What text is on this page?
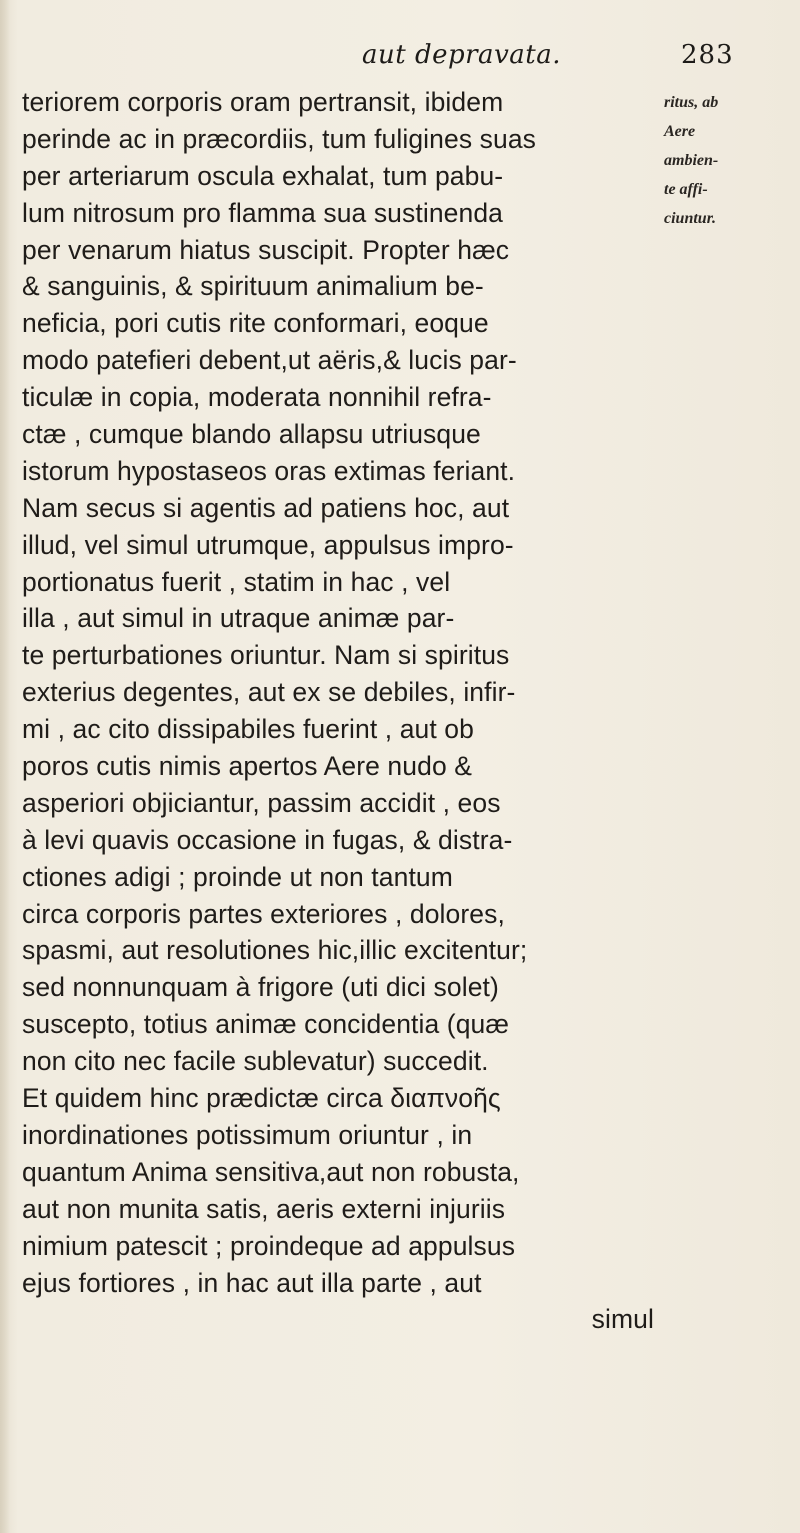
aut depravata.	283
teriorem corporis oram pertransit, ibidem
perinde ac in præcordiis, tum fuligines suas
per arteriarum oscula exhalat, tum pabu-
lum nitrosum pro flamma sua sustinenda
per venarum hiatus suscipit. Propter hæc
& sanguinis, & spirituum animalium be-
neficia, pori cutis rite conformari, eoque
modo patefieri debent,ut aëris,& lucis par-
ticulæ in copia, moderata nonnihil refra-
ctæ , cumque blando allapsu utriusque
istorum hypostaseos oras extimas feriant.
Nam secus si agentis ad patiens hoc, aut
illud, vel simul utrumque, appulsus impro-
portionatus fuerit , statim in hac , vel
illa , aut simul in utraque animæ par-
te perturbationes oriuntur. Nam si spiritus
exterius degentes, aut ex se debiles, infir-
mi , ac cito dissipabiles fuerint , aut ob
poros cutis nimis apertos Aere nudo &
asperiori objiciantur, passim accidit , eos
à levi quavis occasione in fugas, & distra-
ctiones adigi ; proinde ut non tantum
circa corporis partes exteriores , dolores,
spasmi, aut resolutiones hic,illic excitentur;
sed nonnunquam à frigore (uti dici solet)
suscepto, totius animæ concidentia (quæ
non cito nec facile sublevatur) succedit.
Et quidem hinc prædictæ circa διαπνοῆς
inordinationes potissimum oriuntur , in
quantum Anima sensitiva,aut non robusta,
aut non munita satis, aeris externi injuriis
nimium patescit ; proindeque ad appulsus
ejus fortiores , in hac aut illa parte , aut
simul
ritus, ab
Aere
ambien-
te affi-
ciuntur.
